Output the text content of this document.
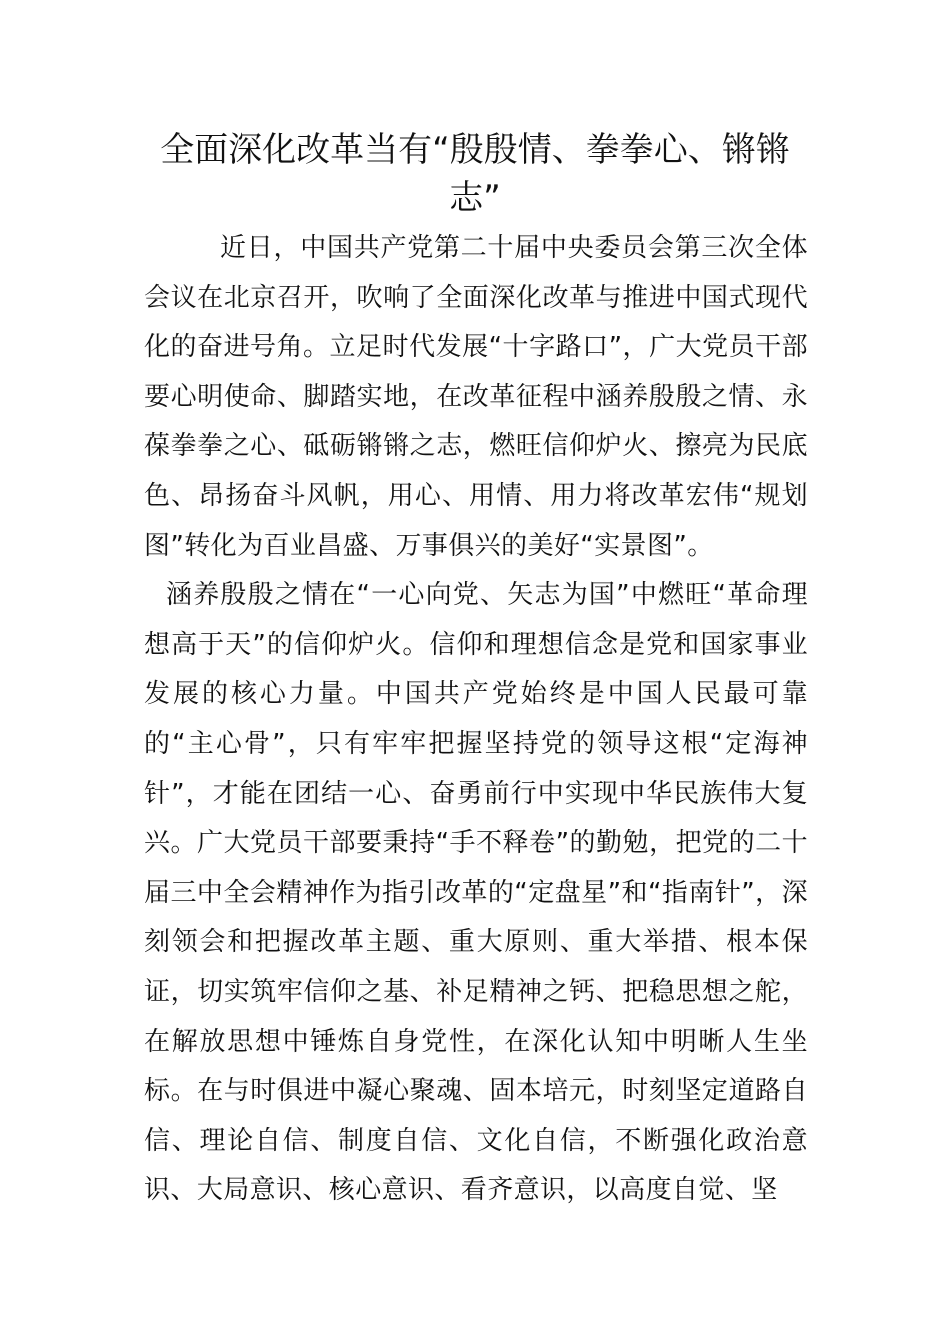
全面深化改革当有“殷殷情、拳拳心、锵锵志”

近日，中国共产党第二十届中央委员会第三次全体会议在北京召开，吹响了全面深化改革与推进中国式现代化的奋进号角。立足时代发展“十字路口”，广大党员干部要心明使命、脚踏实地，在改革征程中涵养殷殷之情、永葆拳拳之心、砥砺锵锵之志，燃旺信仰炉火、擦亮为民底色、昂扬奋斗风帆，用心、用情、用力将改革宏伟“规划图”转化为百业昌盛、万事俱兴的美好“实景图”。

涵养殷殷之情在“一心向党、矢志为国”中燃旺“革命理想高于天”的信仰炉火。信仰和理想信念是党和国家事业发展的核心力量。中国共产党始终是中国人民最可靠的“主心骨”，只有牢牢把握坚持党的领导这根“定海神针”，才能在团结一心、奋勇前行中实现中华民族伟大复兴。广大党员干部要秉持“手不释卷”的勤勉，把党的二十届三中全会精神作为指引改革的“定盘星”和“指南针”，深刻领会和把握改革主题、重大原则、重大举措、根本保证，切实筑牢信仰之基、补足精神之钙、把稳思想之舵，在解放思想中锤炼自身党性，在深化认知中明晰人生坐标。在与时俱进中凝心聚魂、固本培元，时刻坚定道路自信、理论自信、制度自信、文化自信，不断强化政治意识、大局意识、核心意识、看齐意识，以高度自觉、坚
